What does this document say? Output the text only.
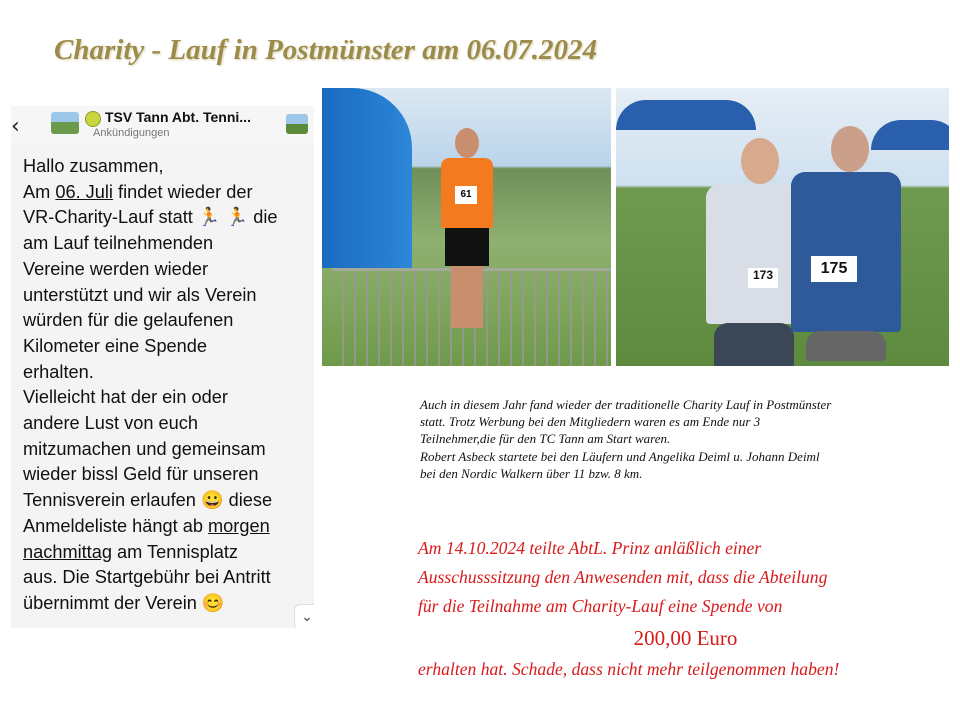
Charity - Lauf in Postmünster am 06.07.2024
‹	TSV Tann Abt. Tenni...
Ankündigungen

Hallo zusammen,

Am 06. Juli findet wieder der

VR-Charity-Lauf statt 🏃 🏃 die

am Lauf teilnehmenden

Vereine werden wieder

unterstützt und wir als Verein

würden für die gelaufenen

Kilometer eine Spende

erhalten.

Vielleicht hat der ein oder

andere Lust von euch

mitzumachen und gemeinsam

wieder bissl Geld für unseren

Tennisverein erlaufen 😀 diese

Anmeldeliste hängt ab morgen

nachmittag am Tennisplatz

aus. Die Startgebühr bei Antritt

übernimmt der Verein 😊

⌄
61
173	175

Auch in diesem Jahr fand wieder der traditionelle Charity Lauf in Postmünster

statt. Trotz Werbung bei den Mitgliedern waren es am Ende nur 3

Teilnehmer,die für den TC Tann am Start waren.

Robert Asbeck startete bei den Läufern und Angelika Deiml u. Johann Deiml

bei den Nordic Walkern über 11 bzw. 8 km.

Am 14.10.2024 teilte AbtL. Prinz anläßlich einer

Ausschusssitzung den Anwesenden mit, dass die Abteilung

für die Teilnahme am Charity-Lauf eine Spende von

200,00 Euro

erhalten hat. Schade, dass nicht mehr teilgenommen haben!
